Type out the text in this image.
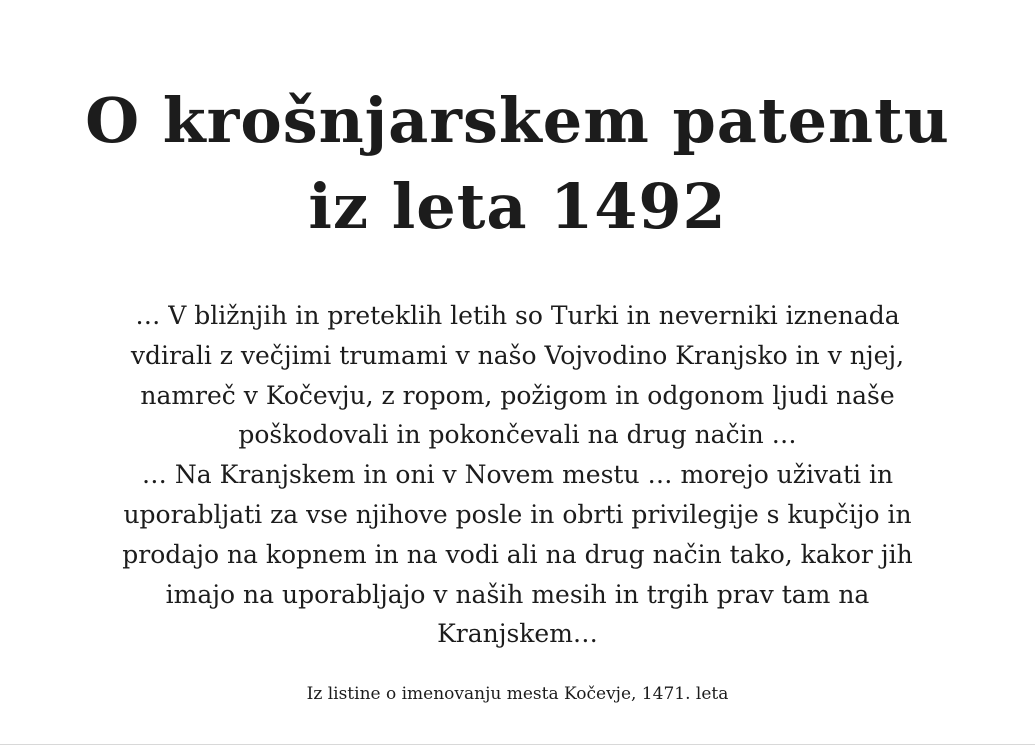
O krošnjarskem patentu
iz leta 1492

… V bližnjih in preteklih letih so Turki in neverniki iznenada
vdirali z večjimi trumami v našo Vojvodino Kranjsko in v njej,
namreč v Kočevju, z ropom, požigom in odgonom ljudi naše
poškodovali in pokončevali na drug način …
… Na Kranjskem in oni v Novem mestu … morejo uživati in
uporabljati za vse njihove posle in obrti privilegije s kupčijo in
prodajo na kopnem in na vodi ali na drug način tako, kakor jih
imajo na uporabljajo v naših mesih in trgih prav tam na
Kranjskem…

Iz listine o imenovanju mesta Kočevje, 1471. leta
